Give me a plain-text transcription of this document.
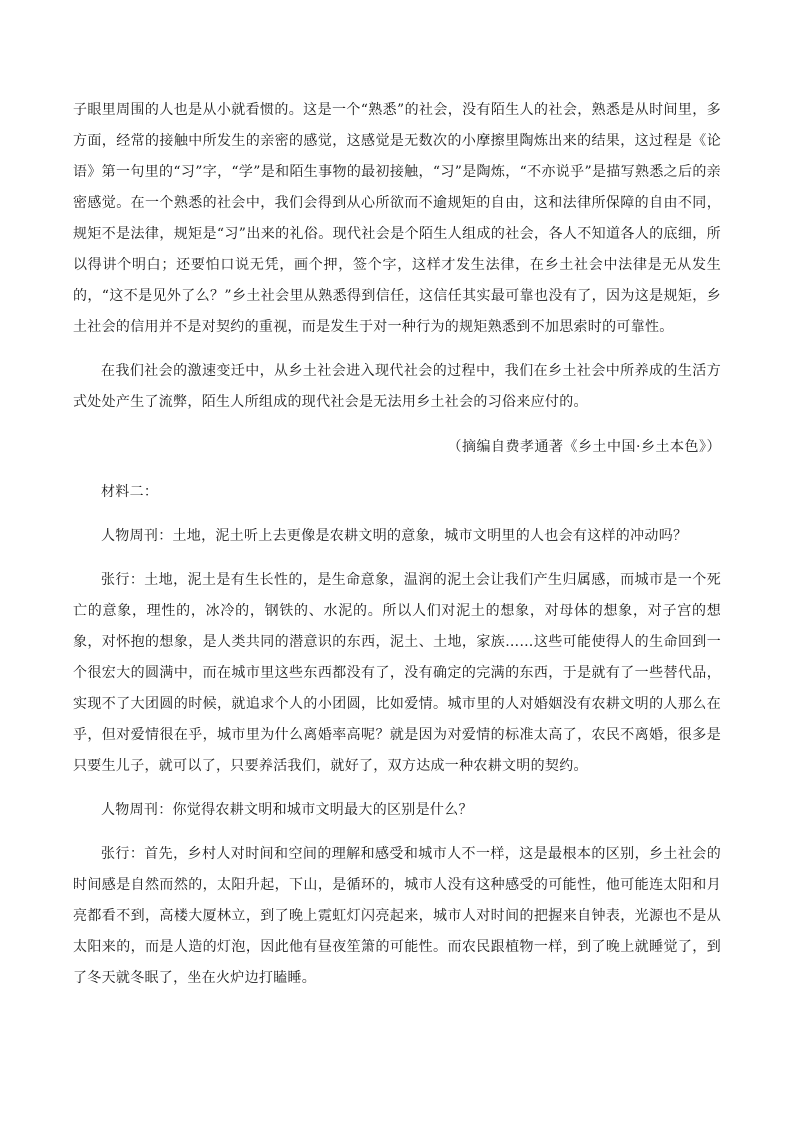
子眼里周围的人也是从小就看惯的。这是一个“熟悉”的社会，没有陌生人的社会，熟悉是从时间里，多方面，经常的接触中所发生的亲密的感觉，这感觉是无数次的小摩擦里陶炼出来的结果，这过程是《论语》第一句里的“习”字，“学”是和陌生事物的最初接触，“习”是陶炼，“不亦说乎”是描写熟悉之后的亲密感觉。在一个熟悉的社会中，我们会得到从心所欲而不逾规矩的自由，这和法律所保障的自由不同，规矩不是法律，规矩是“习”出来的礼俗。现代社会是个陌生人组成的社会，各人不知道各人的底细，所以得讲个明白；还要怕口说无凭，画个押，签个字，这样才发生法律，在乡土社会中法律是无从发生的，“这不是见外了么？”乡土社会里从熟悉得到信任，这信任其实最可靠也没有了，因为这是规矩，乡土社会的信用并不是对契约的重视，而是发生于对一种行为的规矩熟悉到不加思索时的可靠性。

在我们社会的激速变迁中，从乡土社会进入现代社会的过程中，我们在乡土社会中所养成的生活方式处处产生了流弊，陌生人所组成的现代社会是无法用乡土社会的习俗来应付的。

（摘编自费孝通著《乡土中国·乡土本色》）

材料二：

人物周刊：土地，泥土听上去更像是农耕文明的意象，城市文明里的人也会有这样的冲动吗？

张行：土地，泥土是有生长性的，是生命意象，温润的泥土会让我们产生归属感，而城市是一个死亡的意象，理性的，冰冷的，钢铁的、水泥的。所以人们对泥土的想象，对母体的想象，对子宫的想象，对怀抱的想象，是人类共同的潜意识的东西，泥土、土地，家族……这些可能使得人的生命回到一个很宏大的圆满中，而在城市里这些东西都没有了，没有确定的完满的东西，于是就有了一些替代品，实现不了大团圆的时候，就追求个人的小团圆，比如爱情。城市里的人对婚姻没有农耕文明的人那么在乎，但对爱情很在乎，城市里为什么离婚率高呢？就是因为对爱情的标准太高了，农民不离婚，很多是只要生儿子，就可以了，只要养活我们，就好了，双方达成一种农耕文明的契约。

人物周刊：你觉得农耕文明和城市文明最大的区别是什么？

张行：首先，乡村人对时间和空间的理解和感受和城市人不一样，这是最根本的区别，乡土社会的时间感是自然而然的，太阳升起，下山，是循环的，城市人没有这种感受的可能性，他可能连太阳和月亮都看不到，高楼大厦林立，到了晚上霓虹灯闪亮起来，城市人对时间的把握来自钟表，光源也不是从太阳来的，而是人造的灯泡，因此他有昼夜笙箫的可能性。而农民跟植物一样，到了晚上就睡觉了，到了冬天就冬眠了，坐在火炉边打瞌睡。
